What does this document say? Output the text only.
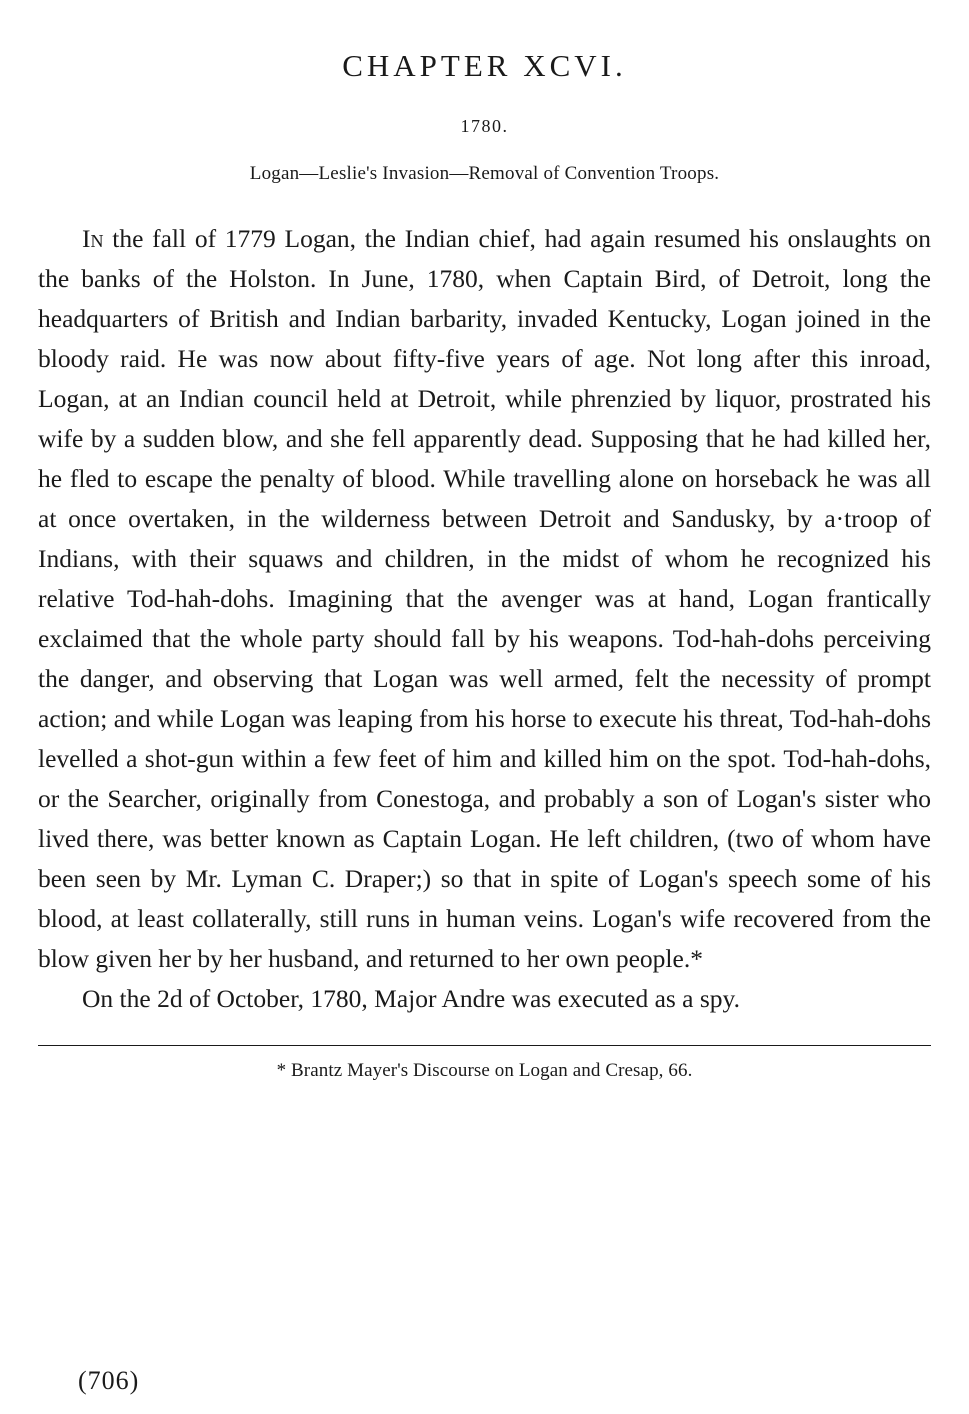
CHAPTER XCVI.
1780.
Logan—Leslie's Invasion—Removal of Convention Troops.

In the fall of 1779 Logan, the Indian chief, had again resumed his onslaughts on the banks of the Holston. In June, 1780, when Captain Bird, of Detroit, long the headquarters of British and Indian barbarity, invaded Kentucky, Logan joined in the bloody raid. He was now about fifty-five years of age. Not long after this inroad, Logan, at an Indian council held at Detroit, while phrenzied by liquor, prostrated his wife by a sudden blow, and she fell apparently dead. Supposing that he had killed her, he fled to escape the penalty of blood. While travelling alone on horseback he was all at once overtaken, in the wilderness between Detroit and Sandusky, by a·troop of Indians, with their squaws and children, in the midst of whom he recognized his relative Tod-hah-dohs. Imagining that the avenger was at hand, Logan frantically exclaimed that the whole party should fall by his weapons. Tod-hah-dohs perceiving the danger, and observing that Logan was well armed, felt the necessity of prompt action; and while Logan was leaping from his horse to execute his threat, Tod-hah-dohs levelled a shot-gun within a few feet of him and killed him on the spot. Tod-hah-dohs, or the Searcher, originally from Conestoga, and probably a son of Logan's sister who lived there, was better known as Captain Logan. He left children, (two of whom have been seen by Mr. Lyman C. Draper;) so that in spite of Logan's speech some of his blood, at least collaterally, still runs in human veins. Logan's wife recovered from the blow given her by her husband, and returned to her own people.*

On the 2d of October, 1780, Major Andre was executed as a spy.

* Brantz Mayer's Discourse on Logan and Cresap, 66.
(706)
